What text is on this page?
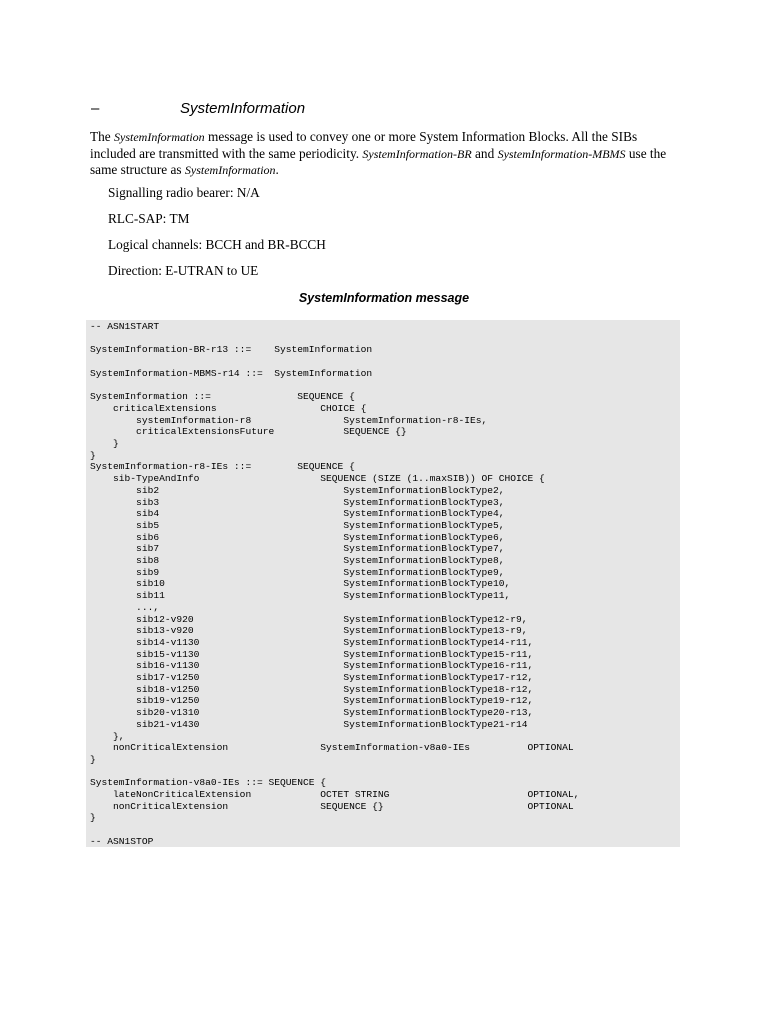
–	SystemInformation
The SystemInformation message is used to convey one or more System Information Blocks. All the SIBs included are transmitted with the same periodicity. SystemInformation-BR and SystemInformation-MBMS use the same structure as SystemInformation.
Signalling radio bearer: N/A
RLC-SAP: TM
Logical channels: BCCH and BR-BCCH
Direction: E-UTRAN to UE
SystemInformation message
-- ASN1START
SystemInformation-BR-r13 ::=    SystemInformation
SystemInformation-MBMS-r14 ::=  SystemInformation
SystemInformation ::=               SEQUENCE {
criticalExtensions                  CHOICE {
systemInformation-r8                SystemInformation-r8-IEs,
criticalExtensionsFuture            SEQUENCE {}
}
}
SystemInformation-r8-IEs ::=        SEQUENCE {
sib-TypeAndInfo                     SEQUENCE (SIZE (1..maxSIB)) OF CHOICE {
sib2                                SystemInformationBlockType2,
sib3                                SystemInformationBlockType3,
sib4                                SystemInformationBlockType4,
sib5                                SystemInformationBlockType5,
sib6                                SystemInformationBlockType6,
sib7                                SystemInformationBlockType7,
sib8                                SystemInformationBlockType8,
sib9                                SystemInformationBlockType9,
sib10                               SystemInformationBlockType10,
sib11                               SystemInformationBlockType11,
...,
sib12-v920                          SystemInformationBlockType12-r9,
sib13-v920                          SystemInformationBlockType13-r9,
sib14-v1130                         SystemInformationBlockType14-r11,
sib15-v1130                         SystemInformationBlockType15-r11,
sib16-v1130                         SystemInformationBlockType16-r11,
sib17-v1250                         SystemInformationBlockType17-r12,
sib18-v1250                         SystemInformationBlockType18-r12,
sib19-v1250                         SystemInformationBlockType19-r12,
sib20-v1310                         SystemInformationBlockType20-r13,
sib21-v1430                         SystemInformationBlockType21-r14
},
nonCriticalExtension                SystemInformation-v8a0-IEs          OPTIONAL
}
SystemInformation-v8a0-IEs ::= SEQUENCE {
lateNonCriticalExtension            OCTET STRING                        OPTIONAL,
nonCriticalExtension                SEQUENCE {}                         OPTIONAL
}
-- ASN1STOP
